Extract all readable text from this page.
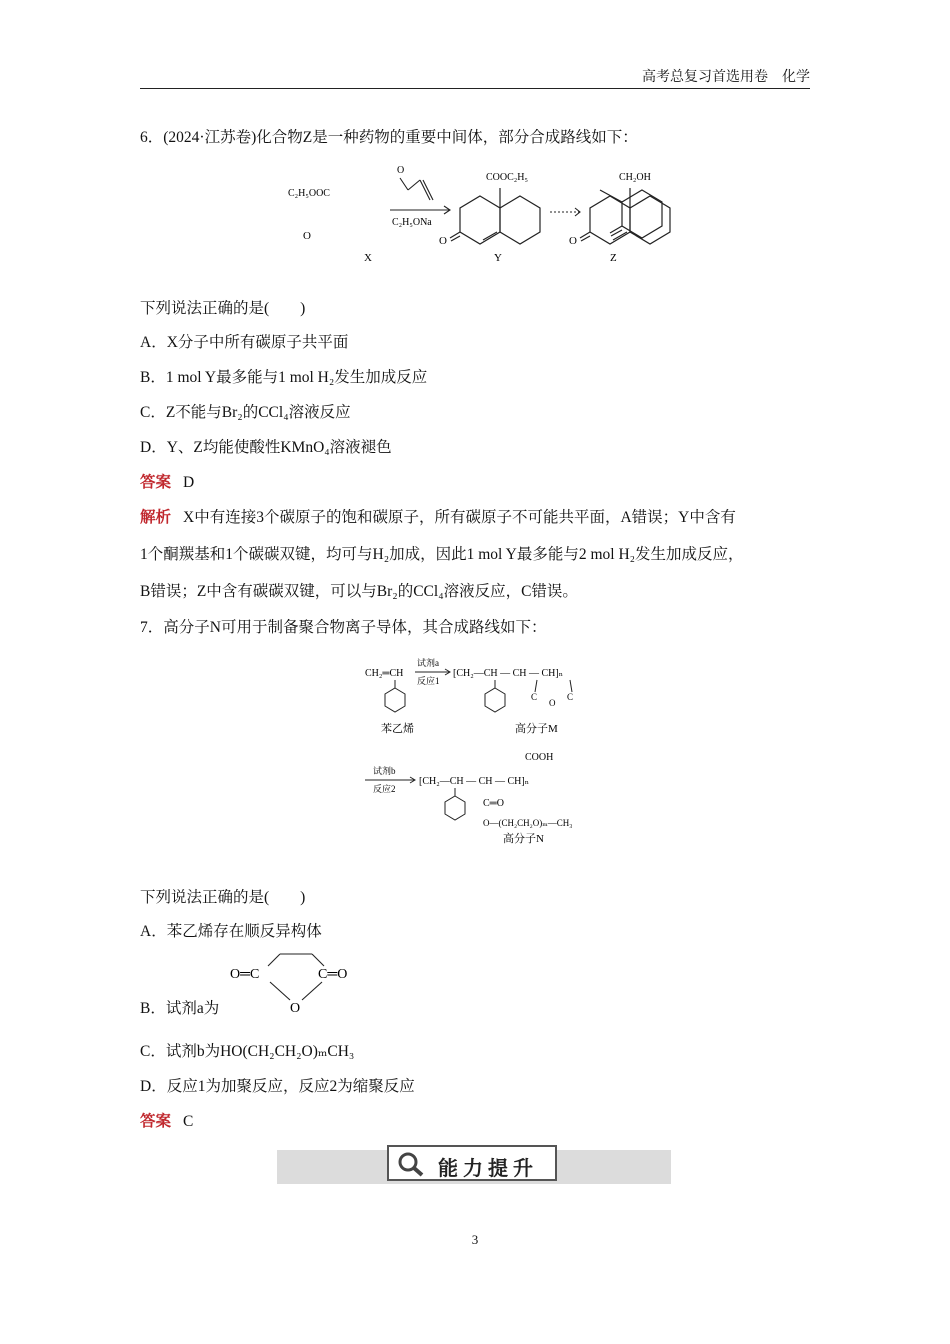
高考总复习首选用卷　化学
6．(2024·江苏卷)化合物Z是一种药物的重要中间体，部分合成路线如下：
C₂H₅OOC
O
X
O
C₂H₅ONa
COOC₂H₅
O
Y
CH₂OH
O
Z
下列说法正确的是(　　)
A．X分子中所有碳原子共平面
B．1 mol Y最多能与1 mol H₂发生加成反应
C．Z不能与Br₂的CCl₄溶液反应
D．Y、Z均能使酸性KMnO₄溶液褪色
答案 D
解析 X中有连接3个碳原子的饱和碳原子，所有碳原子不可能共平面，A错误；Y中含有
1个酮羰基和1个碳碳双键，均可与H₂加成，因此1 mol Y最多能与2 mol H₂发生加成反应，
B错误；Z中含有碳碳双键，可以与Br₂的CCl₄溶液反应，C错误。
7．高分子N可用于制备聚合物离子导体，其合成路线如下：
CH₂═CH
苯乙烯
试剂a
反应1
[CH₂—CH — CH — CH]ₙ
C
O
C
高分子M
试剂b
反应2
COOH
[CH₂—CH — CH — CH]ₙ
C═O
O—(CH₂CH₂O)ₘ—CH₃
高分子N
下列说法正确的是(　　)
A．苯乙烯存在顺反异构体
O═C	C═O
O
B．试剂a为
C．试剂b为HO(CH₂CH₂O)ₘCH₃
D．反应1为加聚反应，反应2为缩聚反应
答案 C
能力提升
3
